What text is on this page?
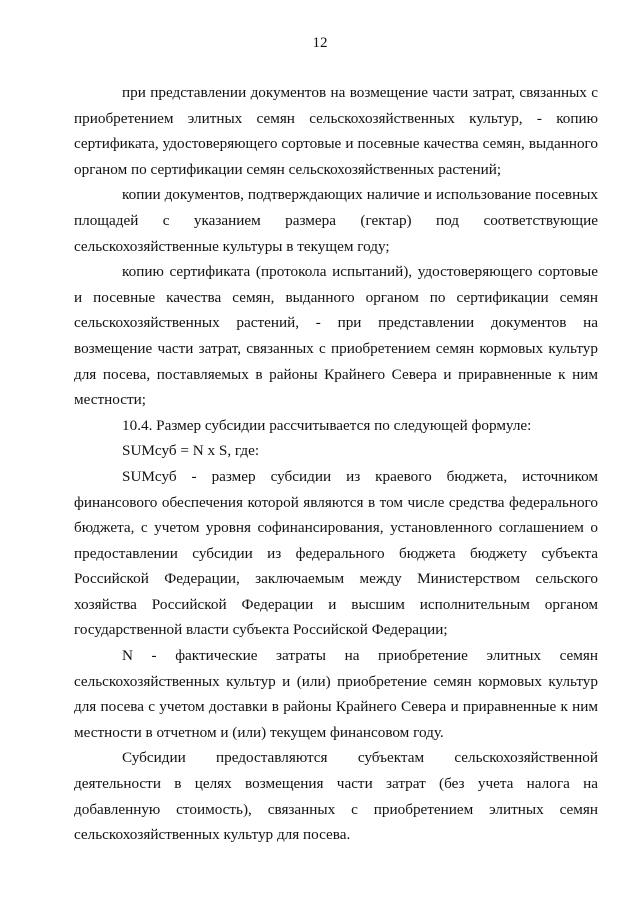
12

при представлении документов на возмещение части затрат, связанных с приобретением элитных семян сельскохозяйственных культур, - копию сертификата, удостоверяющего сортовые и посевные качества семян, выданного органом по сертификации семян сельскохозяйственных растений;

копии документов, подтверждающих наличие и использование посевных площадей с указанием размера (гектар) под соответствующие сельскохозяйственные культуры в текущем году;

копию сертификата (протокола испытаний), удостоверяющего сортовые и посевные качества семян, выданного органом по сертификации семян сельскохозяйственных растений, - при представлении документов на возмещение части затрат, связанных с приобретением семян кормовых культур для посева, поставляемых в районы Крайнего Севера и приравненные к ним местности;

10.4. Размер субсидии рассчитывается по следующей формуле:

SUMсуб = N x S, где:

SUMсуб - размер субсидии из краевого бюджета, источником финансового обеспечения которой являются в том числе средства федерального бюджета, с учетом уровня софинансирования, установленного соглашением о предоставлении субсидии из федерального бюджета бюджету субъекта Российской Федерации, заключаемым между Министерством сельского хозяйства Российской Федерации и высшим исполнительным органом государственной власти субъекта Российской Федерации;

N - фактические затраты на приобретение элитных семян сельскохозяйственных культур и (или) приобретение семян кормовых культур для посева с учетом доставки в районы Крайнего Севера и приравненные к ним местности в отчетном и (или) текущем финансовом году.

Субсидии предоставляются субъектам сельскохозяйственной деятельности в целях возмещения части затрат (без учета налога на добавленную стоимость), связанных с приобретением элитных семян сельскохозяйственных культур для посева.
